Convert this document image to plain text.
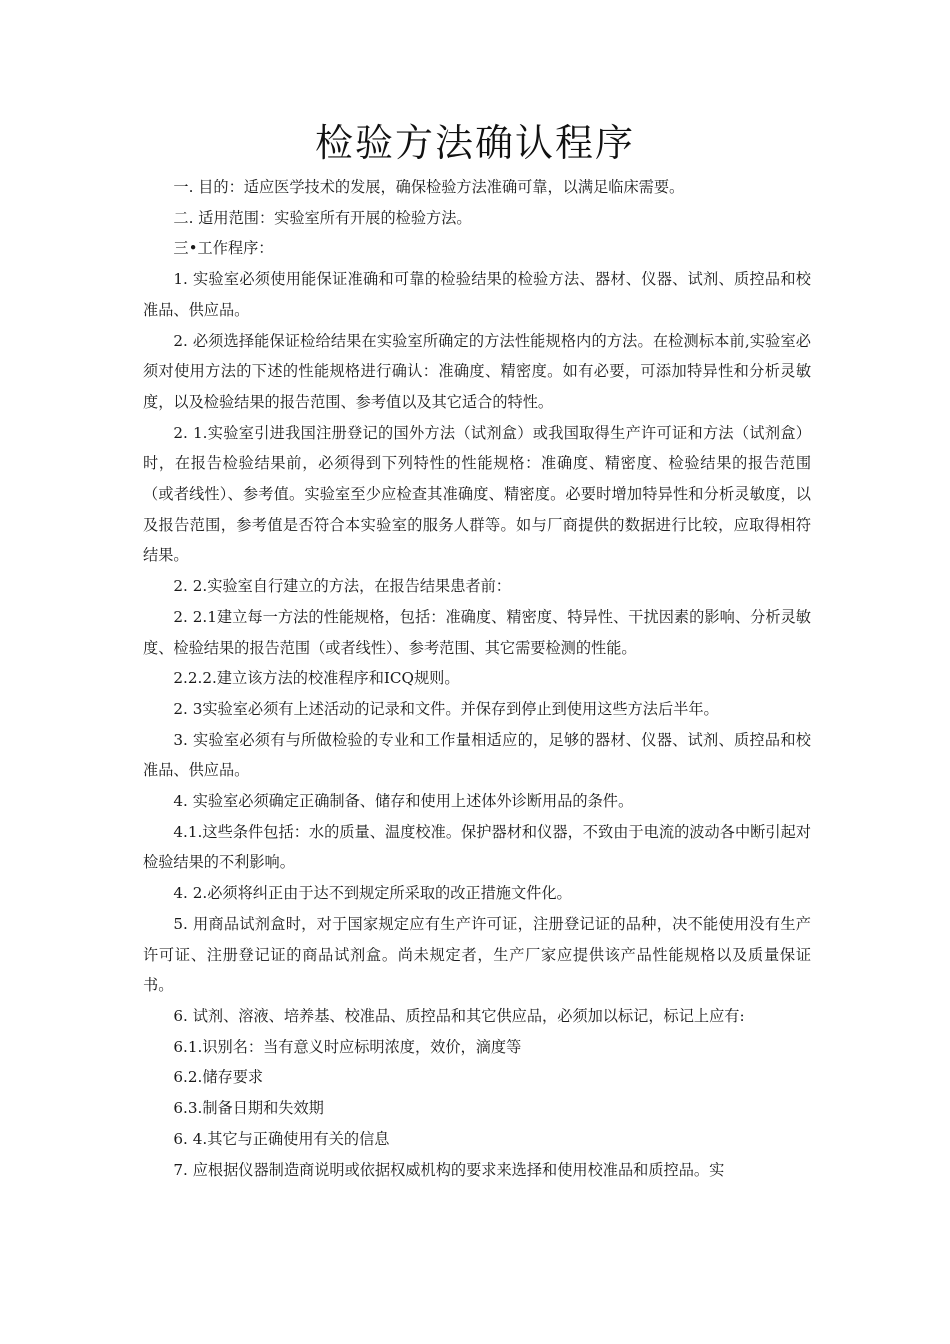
检验方法确认程序

一. 目的：适应医学技术的发展，确保检验方法准确可靠，以满足临床需要。

二. 适用范围：实验室所有开展的检验方法。

三•工作程序：

1. 实验室必须使用能保证准确和可靠的检验结果的检验方法、器材、仪器、试剂、质控品和校准品、供应品。

2. 必须选择能保证检给结果在实验室所确定的方法性能规格内的方法。在检测标本前,实验室必须对使用方法的下述的性能规格进行确认：准确度、精密度。如有必要，可添加特异性和分析灵敏度，以及检验结果的报告范围、参考值以及其它适合的特性。

2. 1.实验室引进我国注册登记的国外方法（试剂盒）或我国取得生产许可证和方法（试剂盒）时，在报告检验结果前，必须得到下列特性的性能规格：准确度、精密度、检验结果的报告范围（或者线性）、参考值。实验室至少应检查其准确度、精密度。必要时增加特异性和分析灵敏度，以及报告范围，参考值是否符合本实验室的服务人群等。如与厂商提供的数据进行比较，应取得相符结果。

2. 2.实验室自行建立的方法，在报告结果患者前：

2. 2.1建立每一方法的性能规格，包括：准确度、精密度、特异性、干扰因素的影响、分析灵敏度、检验结果的报告范围（或者线性）、参考范围、其它需要检测的性能。

2.2.2.建立该方法的校准程序和ICQ规则。

2. 3实验室必须有上述活动的记录和文件。并保存到停止到使用这些方法后半年。

3. 实验室必须有与所做检验的专业和工作量相适应的，足够的器材、仪器、试剂、质控品和校准品、供应品。

4. 实验室必须确定正确制备、储存和使用上述体外诊断用品的条件。

4.1.这些条件包括：水的质量、温度校准。保护器材和仪器，不致由于电流的波动各中断引起对检验结果的不利影响。

4. 2.必须将纠正由于达不到规定所采取的改正措施文件化。

5. 用商品试剂盒时，对于国家规定应有生产许可证，注册登记证的品种，决不能使用没有生产许可证、注册登记证的商品试剂盒。尚未规定者，生产厂家应提供该产品性能规格以及质量保证书。

6. 试剂、溶液、培养基、校准品、质控品和其它供应品，必须加以标记，标记上应有:

6.1.识别名：当有意义时应标明浓度，效价，滴度等

6.2.储存要求

6.3.制备日期和失效期

6. 4.其它与正确使用有关的信息

7. 应根据仪器制造商说明或依据权威机构的要求来选择和使用校准品和质控品。实
